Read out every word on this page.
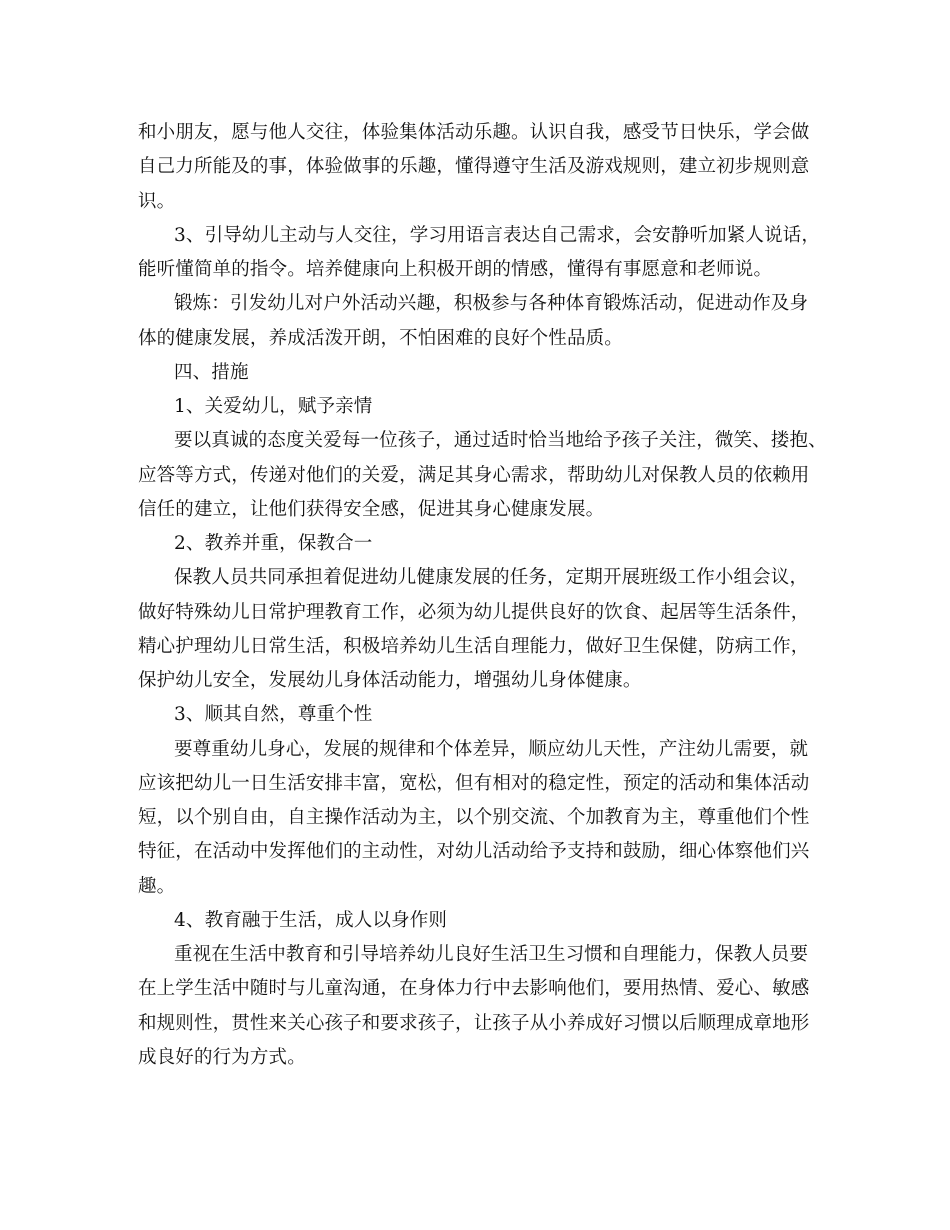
和小朋友，愿与他人交往，体验集体活动乐趣。认识自我，感受节日快乐，学会做
自己力所能及的事，体验做事的乐趣，懂得遵守生活及游戏规则，建立初步规则意
识。
3、引导幼儿主动与人交往，学习用语言表达自己需求，会安静听加紧人说话，
能听懂简单的指令。培养健康向上积极开朗的情感，懂得有事愿意和老师说。
锻炼：引发幼儿对户外活动兴趣，积极参与各种体育锻炼活动，促进动作及身
体的健康发展，养成活泼开朗，不怕困难的良好个性品质。
四、措施
1、关爱幼儿，赋予亲情
要以真诚的态度关爱每一位孩子，通过适时恰当地给予孩子关注，微笑、搂抱、
应答等方式，传递对他们的关爱，满足其身心需求，帮助幼儿对保教人员的依赖用
信任的建立，让他们获得安全感，促进其身心健康发展。
2、教养并重，保教合一
保教人员共同承担着促进幼儿健康发展的任务，定期开展班级工作小组会议，
做好特殊幼儿日常护理教育工作，必须为幼儿提供良好的饮食、起居等生活条件，
精心护理幼儿日常生活，积极培养幼儿生活自理能力，做好卫生保健，防病工作，
保护幼儿安全，发展幼儿身体活动能力，增强幼儿身体健康。
3、顺其自然，尊重个性
要尊重幼儿身心，发展的规律和个体差异，顺应幼儿天性，产注幼儿需要，就
应该把幼儿一日生活安排丰富，宽松，但有相对的稳定性，预定的活动和集体活动
短，以个别自由，自主操作活动为主，以个别交流、个加教育为主，尊重他们个性
特征，在活动中发挥他们的主动性，对幼儿活动给予支持和鼓励，细心体察他们兴
趣。
4、教育融于生活，成人以身作则
重视在生活中教育和引导培养幼儿良好生活卫生习惯和自理能力，保教人员要
在上学生活中随时与儿童沟通，在身体力行中去影响他们，要用热情、爱心、敏感
和规则性，贯性来关心孩子和要求孩子，让孩子从小养成好习惯以后顺理成章地形
成良好的行为方式。
